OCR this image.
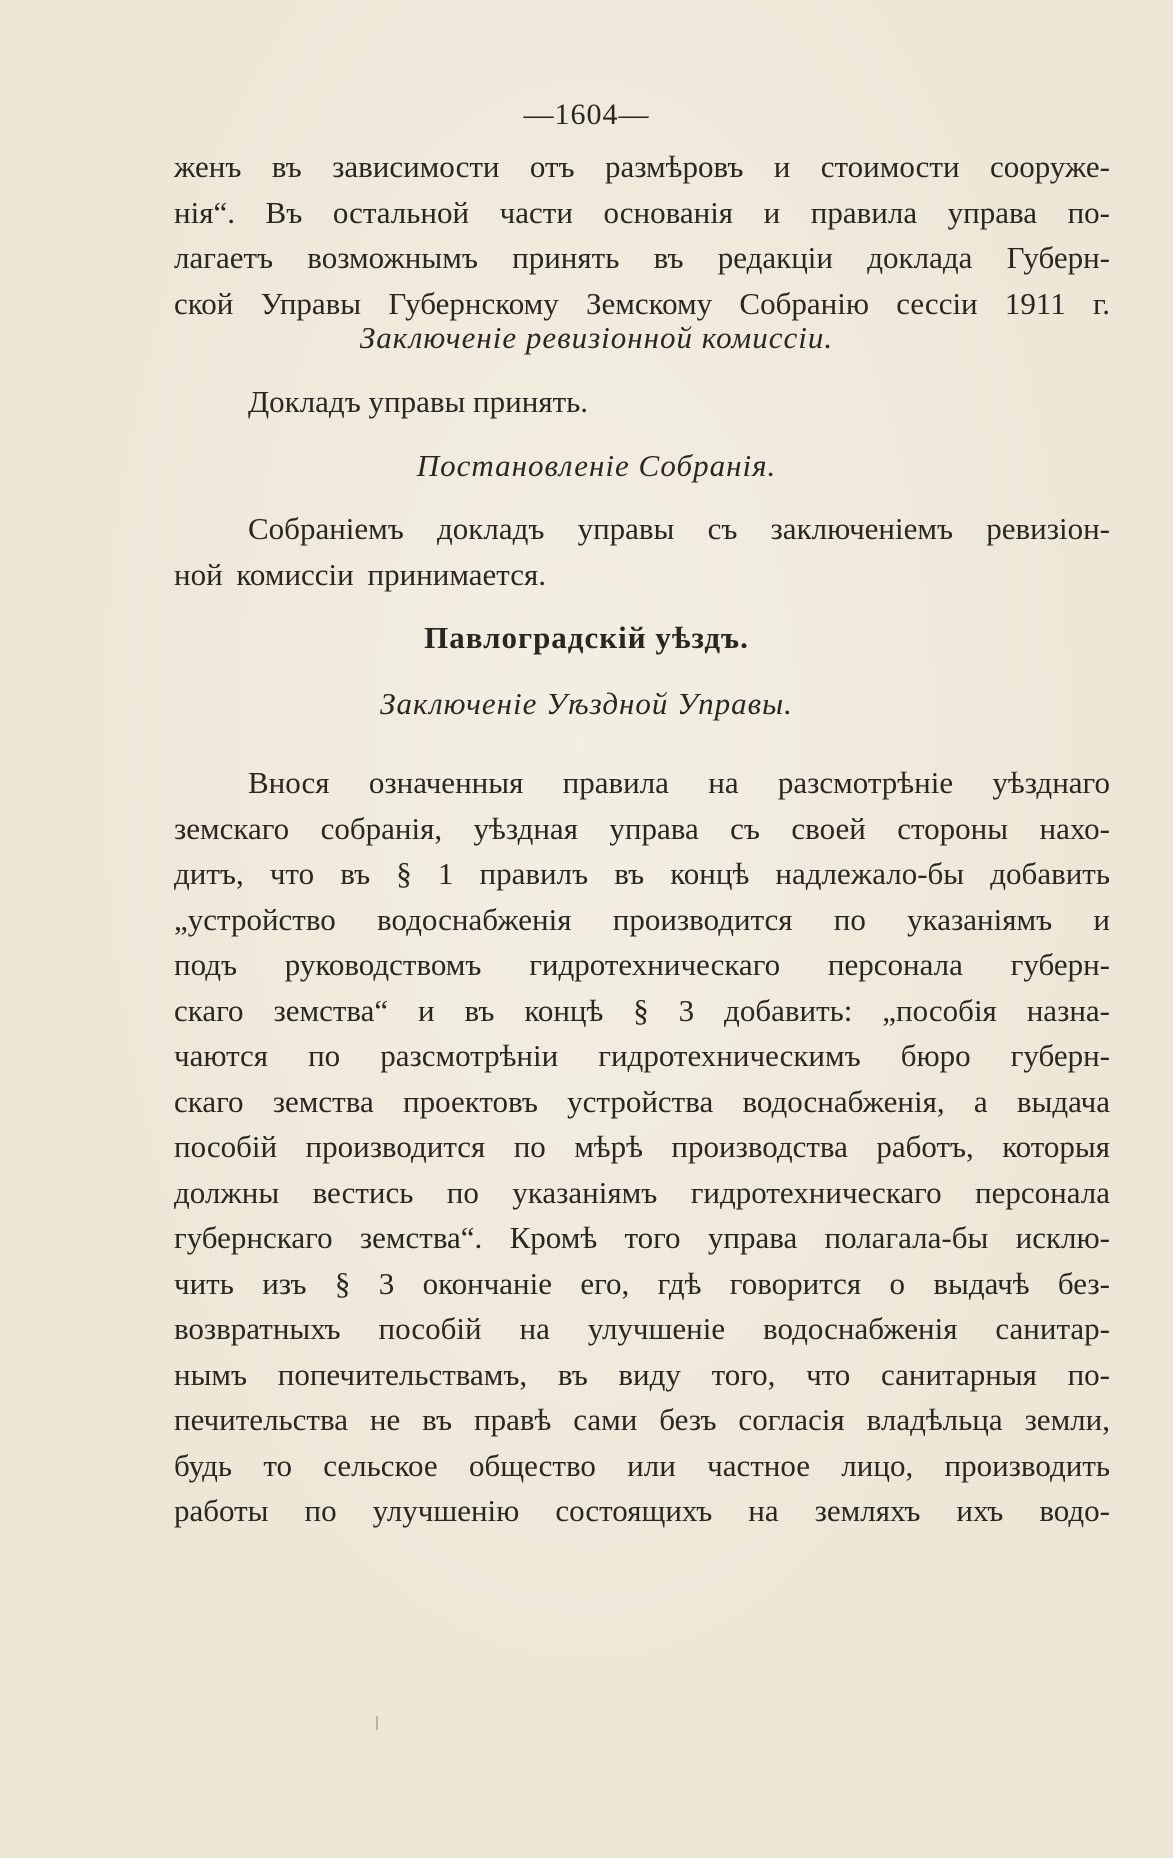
—1604—
женъ въ зависимости отъ размѣровъ и стоимости сооруже-
нія“. Въ остальной части основанія и правила управа по-
лагаетъ возможнымъ принять въ редакціи доклада Губерн-
ской Управы Губернскому Земскому Собранію сессіи 1911 г.
Заключеніе ревизіонной комиссіи.
Докладъ управы принять.
Постановленіе Собранія.
Собраніемъ докладъ управы съ заключеніемъ ревизіон-
ной комиссіи принимается.
Павлоградскій уѣздъ.
Заключеніе Уѣздной Управы.
Внося означенныя правила на разсмотрѣніе уѣзднаго
земскаго собранія, уѣздная управа съ своей стороны нахо-
дитъ, что въ § 1 правилъ въ концѣ надлежало-бы добавить
„устройство водоснабженія производится по указаніямъ и
подъ руководствомъ гидротехническаго персонала губерн-
скаго земства“ и въ концѣ § 3 добавить: „пособія назна-
чаются по разсмотрѣніи гидротехническимъ бюро губерн-
скаго земства проектовъ устройства водоснабженія, а выдача
пособій производится по мѣрѣ производства работъ, которыя
должны вестись по указаніямъ гидротехническаго персонала
губернскаго земства“. Кромѣ того управа полагала-бы исклю-
чить изъ § 3 окончаніе его, гдѣ говорится о выдачѣ без-
возвратныхъ пособій на улучшеніе водоснабженія санитар-
нымъ попечительствамъ, въ виду того, что санитарныя по-
печительства не въ правѣ сами безъ согласія владѣльца земли,
будь то сельское общество или частное лицо, производить
работы по улучшенію состоящихъ на земляхъ ихъ водо-
